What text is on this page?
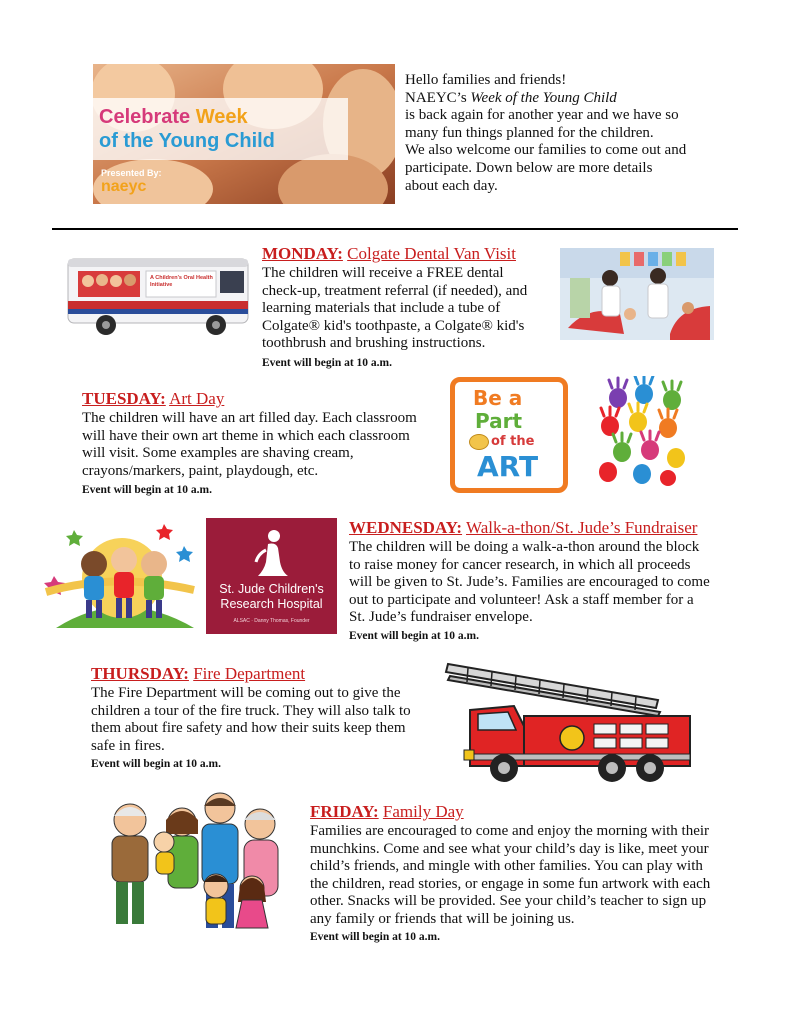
Celebrate Week
of the Young Child
Presented By:
naeyc
Hello families and friends!
NAEYC’s Week of the Young Child
is back again for another year and we have so
many fun things planned for the children.
We also welcome our families to come out and
participate. Down below are more details
about each day.
A Children's Oral Health Initiative
MONDAY: Colgate Dental Van Visit
The children will receive a FREE dental
check-up, treatment referral (if needed), and
learning materials that include a tube of
Colgate® kid's toothpaste, a Colgate® kid's
toothbrush and brushing instructions.
Event will begin at 10 a.m.
TUESDAY: Art Day
The children will have an art filled day. Each classroom
will have their own art theme in which each classroom
will visit. Some examples are shaving cream,
crayons/markers, paint, playdough, etc.
Event will begin at 10 a.m.
Be a
Part
of the
ART
St. Jude Children's
Research Hospital
ALSAC · Danny Thomas, Founder
WEDNESDAY: Walk-a-thon/St. Jude’s Fundraiser
The children will be doing a walk-a-thon around the block
to raise money for cancer research, in which all proceeds
will be given to St. Jude’s. Families are encouraged to come
out to participate and volunteer! Ask a staff member for a
St. Jude’s fundraiser envelope.
Event will begin at 10 a.m.
THURSDAY: Fire Department
The Fire Department will be coming out to give the
children a tour of the fire truck. They will also talk to
them about fire safety and how their suits keep them
safe in fires.
Event will begin at 10 a.m.
FRIDAY: Family Day
Families are encouraged to come and enjoy the morning with their
munchkins. Come and see what your child’s day is like, meet your
child’s friends, and mingle with other families. You can play with
the children, read stories, or engage in some fun artwork with each
other. Snacks will be provided. See your child’s teacher to sign up
any family or friends that will be joining us.
Event will begin at 10 a.m.
